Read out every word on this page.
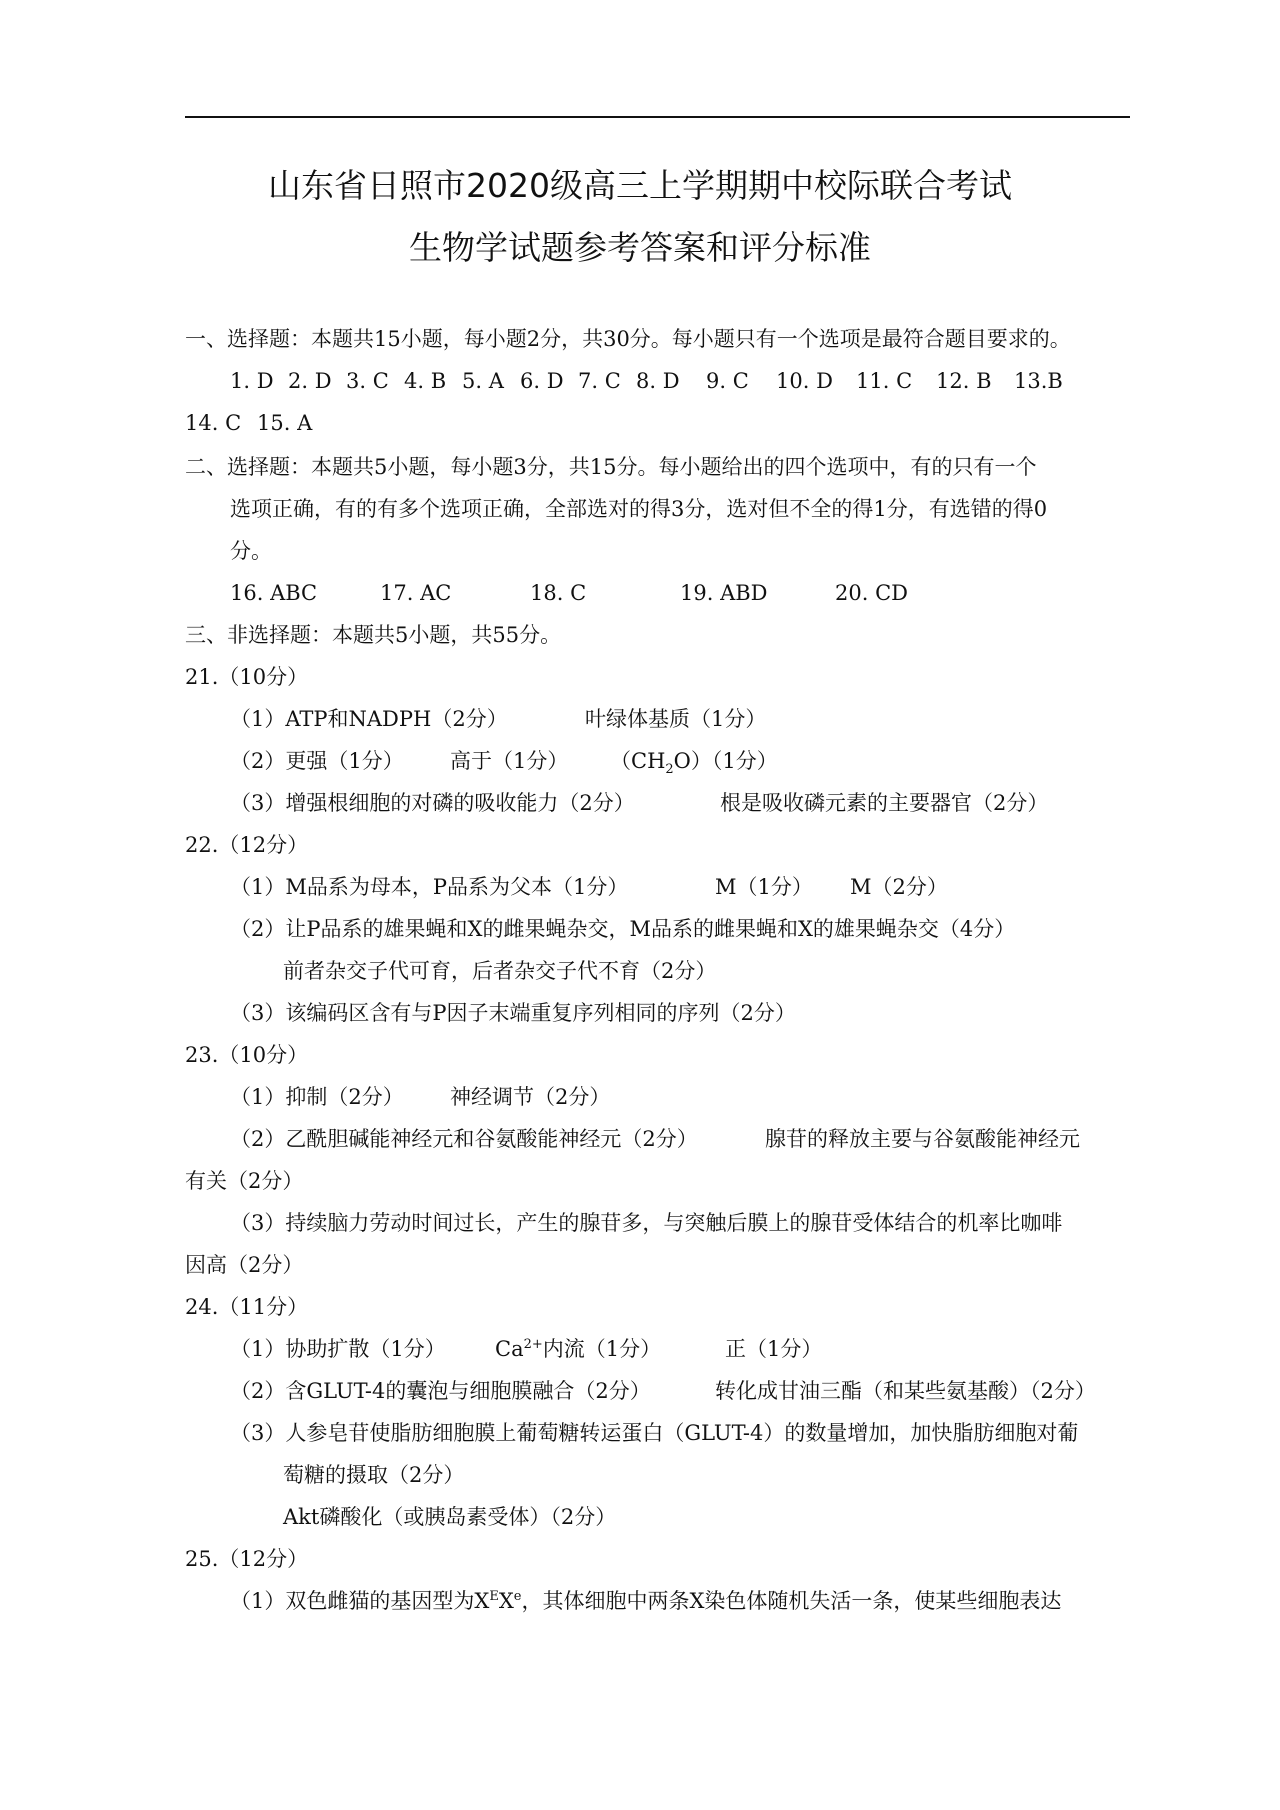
山东省日照市2020级高三上学期期中校际联合考试
生物学试题参考答案和评分标准
一、选择题：本题共15小题，每小题2分，共30分。每小题只有一个选项是最符合题目要求的。
1. D 2. D 3. C 4. B 5. A 6. D 7. C 8. D 9. C 10. D 11. C 12. B 13.B
14. C 15. A
二、选择题：本题共5小题，每小题3分，共15分。每小题给出的四个选项中，有的只有一个
选项正确，有的有多个选项正确，全部选对的得3分，选对但不全的得1分，有选错的得0
分。
16. ABC	17. AC	18. C	19. ABD	20. CD
三、非选择题：本题共5小题，共55分。
21.（10分）
（1）ATP和NADPH（2分）	叶绿体基质（1分）
（2）更强（1分） 高于（1分） $(CH_2O)(1$分）
（3）增强根细胞的对磷的吸收能力（2分）	根是吸收磷元素的主要器官（2分）
22.（12分）
（1）M品系为母本，P品系为父本（1分）	M（1分） M（2分）
（2）让P品系的雄果蝇和X的雌果蝇杂交，M品系的雌果蝇和X的雄果蝇杂交（4分）
前者杂交子代可育，后者杂交子代不育（2分）
（3）该编码区含有与P因子末端重复序列相同的序列（2分）
23.（10分）
（1）抑制（2分） 神经调节（2分）
（2）乙酰胆碱能神经元和谷氨酸能神经元（2分）	腺苷的释放主要与谷氨酸能神经元
有关（2分）
（3）持续脑力劳动时间过长，产生的腺苷多，与突触后膜上的腺苷受体结合的机率比咖啡
因高（2分）
24.（11分）
（1）协助扩散（1分） $Ca^{2+}$内流（1分）	正（1分）
（2）含GLUT-4的囊泡与细胞膜融合（2分）	转化成甘油三酯（和某些氨基酸）（2分）
（3）人参皂苷使脂肪细胞膜上葡萄糖转运蛋白（GLUT-4）的数量增加，加快脂肪细胞对葡
萄糖的摄取（2分）
Akt磷酸化（或胰岛素受体）（2分）
25.（12分）
（1）双色雌猫的基因型为$X^EXe$，其体细胞中两条X染色体随机失活一条，使某些细胞表达
